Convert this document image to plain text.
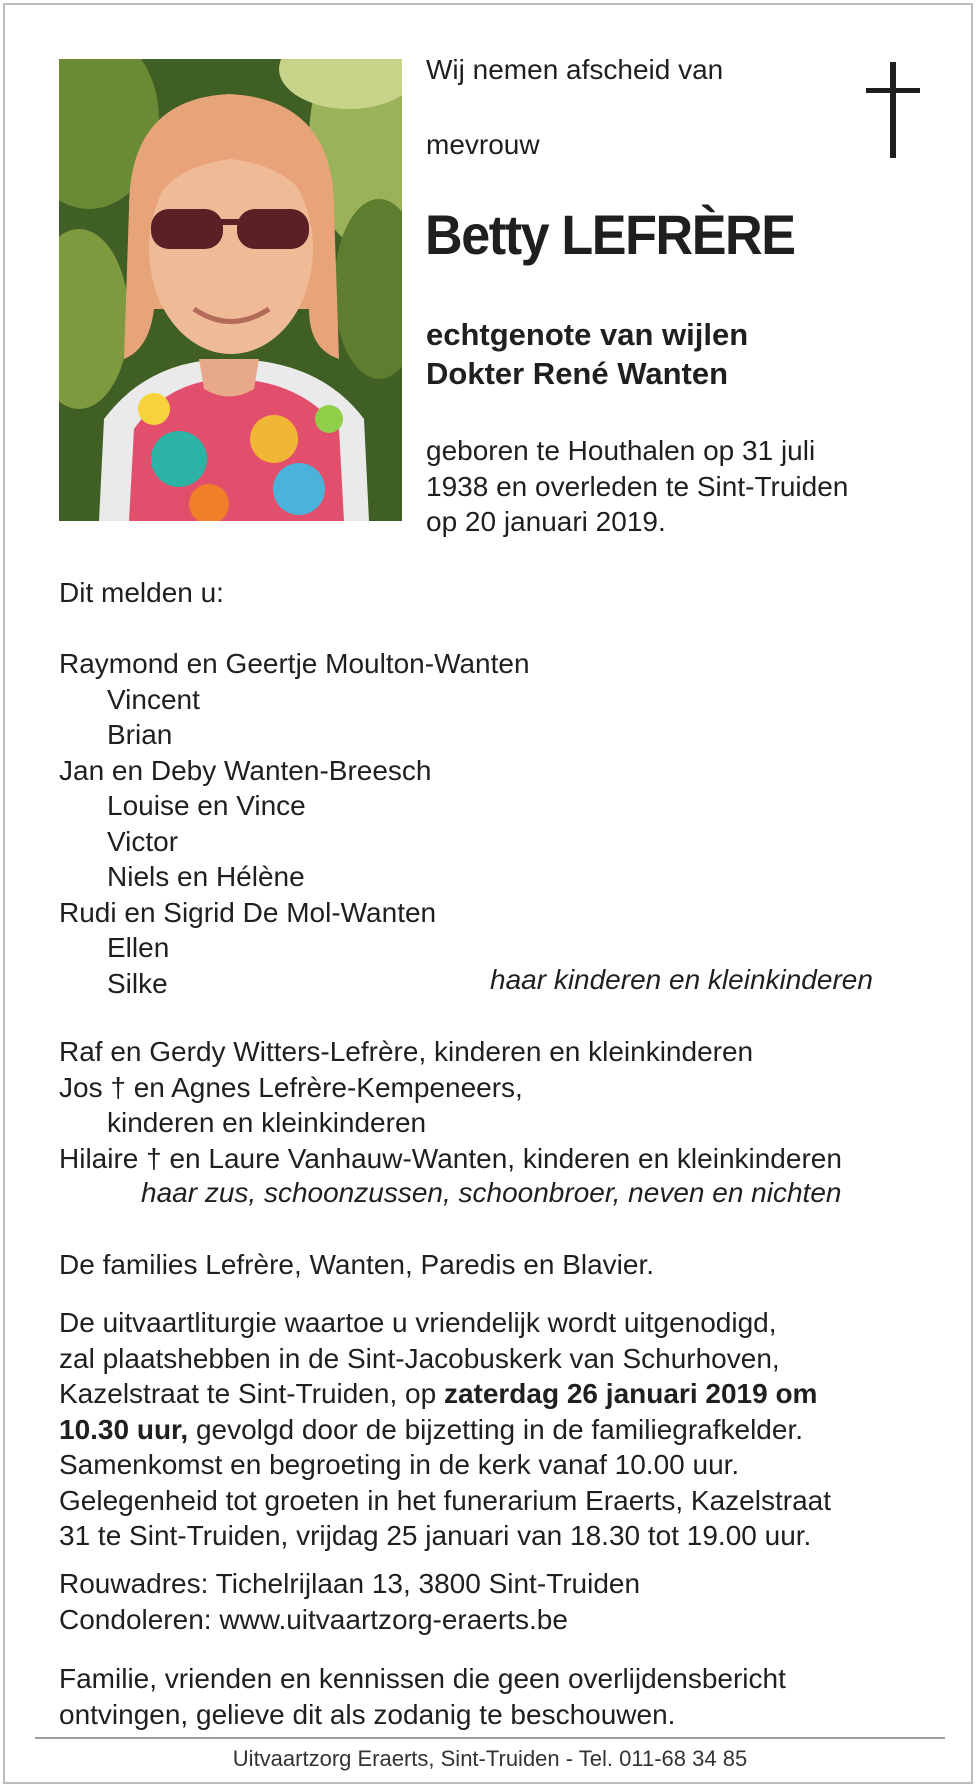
Wij nemen afscheid van
mevrouw
Betty LEFRÈRE
echtgenote van wijlen
Dokter René Wanten
geboren te Houthalen op 31 juli
1938 en overleden te Sint-Truiden
op 20 januari 2019.
Dit melden u:
Raymond en Geertje Moulton-Wanten
Vincent
Brian
Jan en Deby Wanten-Breesch
Louise en Vince
Victor
Niels en Hélène
Rudi en Sigrid De Mol-Wanten
Ellen
Silke	haar kinderen en kleinkinderen
Raf en Gerdy Witters-Lefrère, kinderen en kleinkinderen
Jos † en Agnes Lefrère-Kempeneers,
kinderen en kleinkinderen
Hilaire † en Laure Vanhauw-Wanten, kinderen en kleinkinderen
haar zus, schoonzussen, schoonbroer, neven en nichten
De families Lefrère, Wanten, Paredis en Blavier.
De uitvaartliturgie waartoe u vriendelijk wordt uitgenodigd,
zal plaatshebben in de Sint-Jacobuskerk van Schurhoven,
Kazelstraat te Sint-Truiden, op zaterdag 26 januari 2019 om
10.30 uur, gevolgd door de bijzetting in de familiegrafkelder.
Samenkomst en begroeting in de kerk vanaf 10.00 uur.
Gelegenheid tot groeten in het funerarium Eraerts, Kazelstraat
31 te Sint-Truiden, vrijdag 25 januari van 18.30 tot 19.00 uur.
Rouwadres: Tichelrijlaan 13, 3800 Sint-Truiden
Condoleren: www.uitvaartzorg-eraerts.be
Familie, vrienden en kennissen die geen overlijdensbericht
ontvingen, gelieve dit als zodanig te beschouwen.
Uitvaartzorg Eraerts, Sint-Truiden - Tel. 011-68 34 85
